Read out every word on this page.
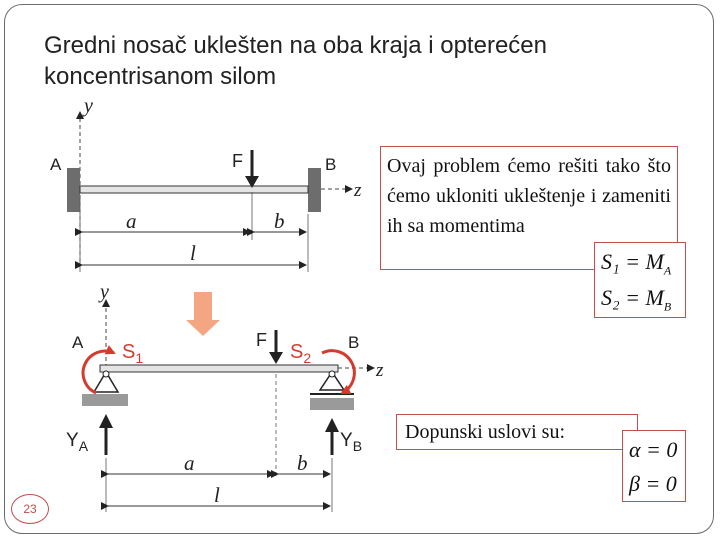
Gredni nosač uklešten na oba kraja i opterećen
koncentrisanom silom
y
A	B
z
F
a	b
l
y
A	B
z
$S_1$	$S_2$
F
$Y_A$	$Y_B$
a	b
l
Ovaj problem ćemo rešiti tako što ćemo ukloniti ukleštenje i zameniti ih sa momentima
$S_1 = M_A$
$S_2 = M_B$
Dopunski uslovi su:
α = 0
β = 0
23
